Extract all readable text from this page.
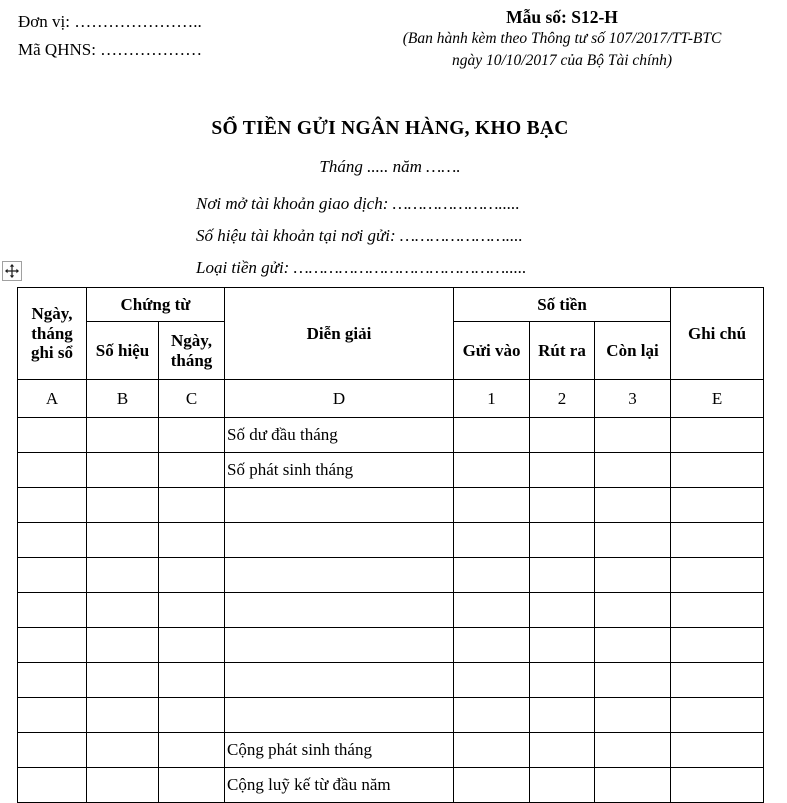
Đơn vị: …………………..
Mã QHNS: ………………
Mẫu số: S12-H
(Ban hành kèm theo Thông tư số 107/2017/TT-BTC
ngày 10/10/2017 của Bộ Tài chính)
SỔ TIỀN GỬI NGÂN HÀNG, KHO BẠC
Tháng ..... năm …….
Nơi mở tài khoản giao dịch: ………………….....
Số hiệu tài khoản tại nơi gửi: …………………....
Loại tiền gửi: …………………………………….....
Ngày, tháng ghi sổ	Chứng từ		Diễn giải	Số tiền			Ghi chú
	Số hiệu	Ngày, tháng		Gửi vào	Rút ra	Còn lại	
A	B	C	D	1	2	3	E
			Số dư đầu tháng				
			Số phát sinh tháng				

			Cộng phát sinh tháng				
			Cộng luỹ kế từ đầu năm				
